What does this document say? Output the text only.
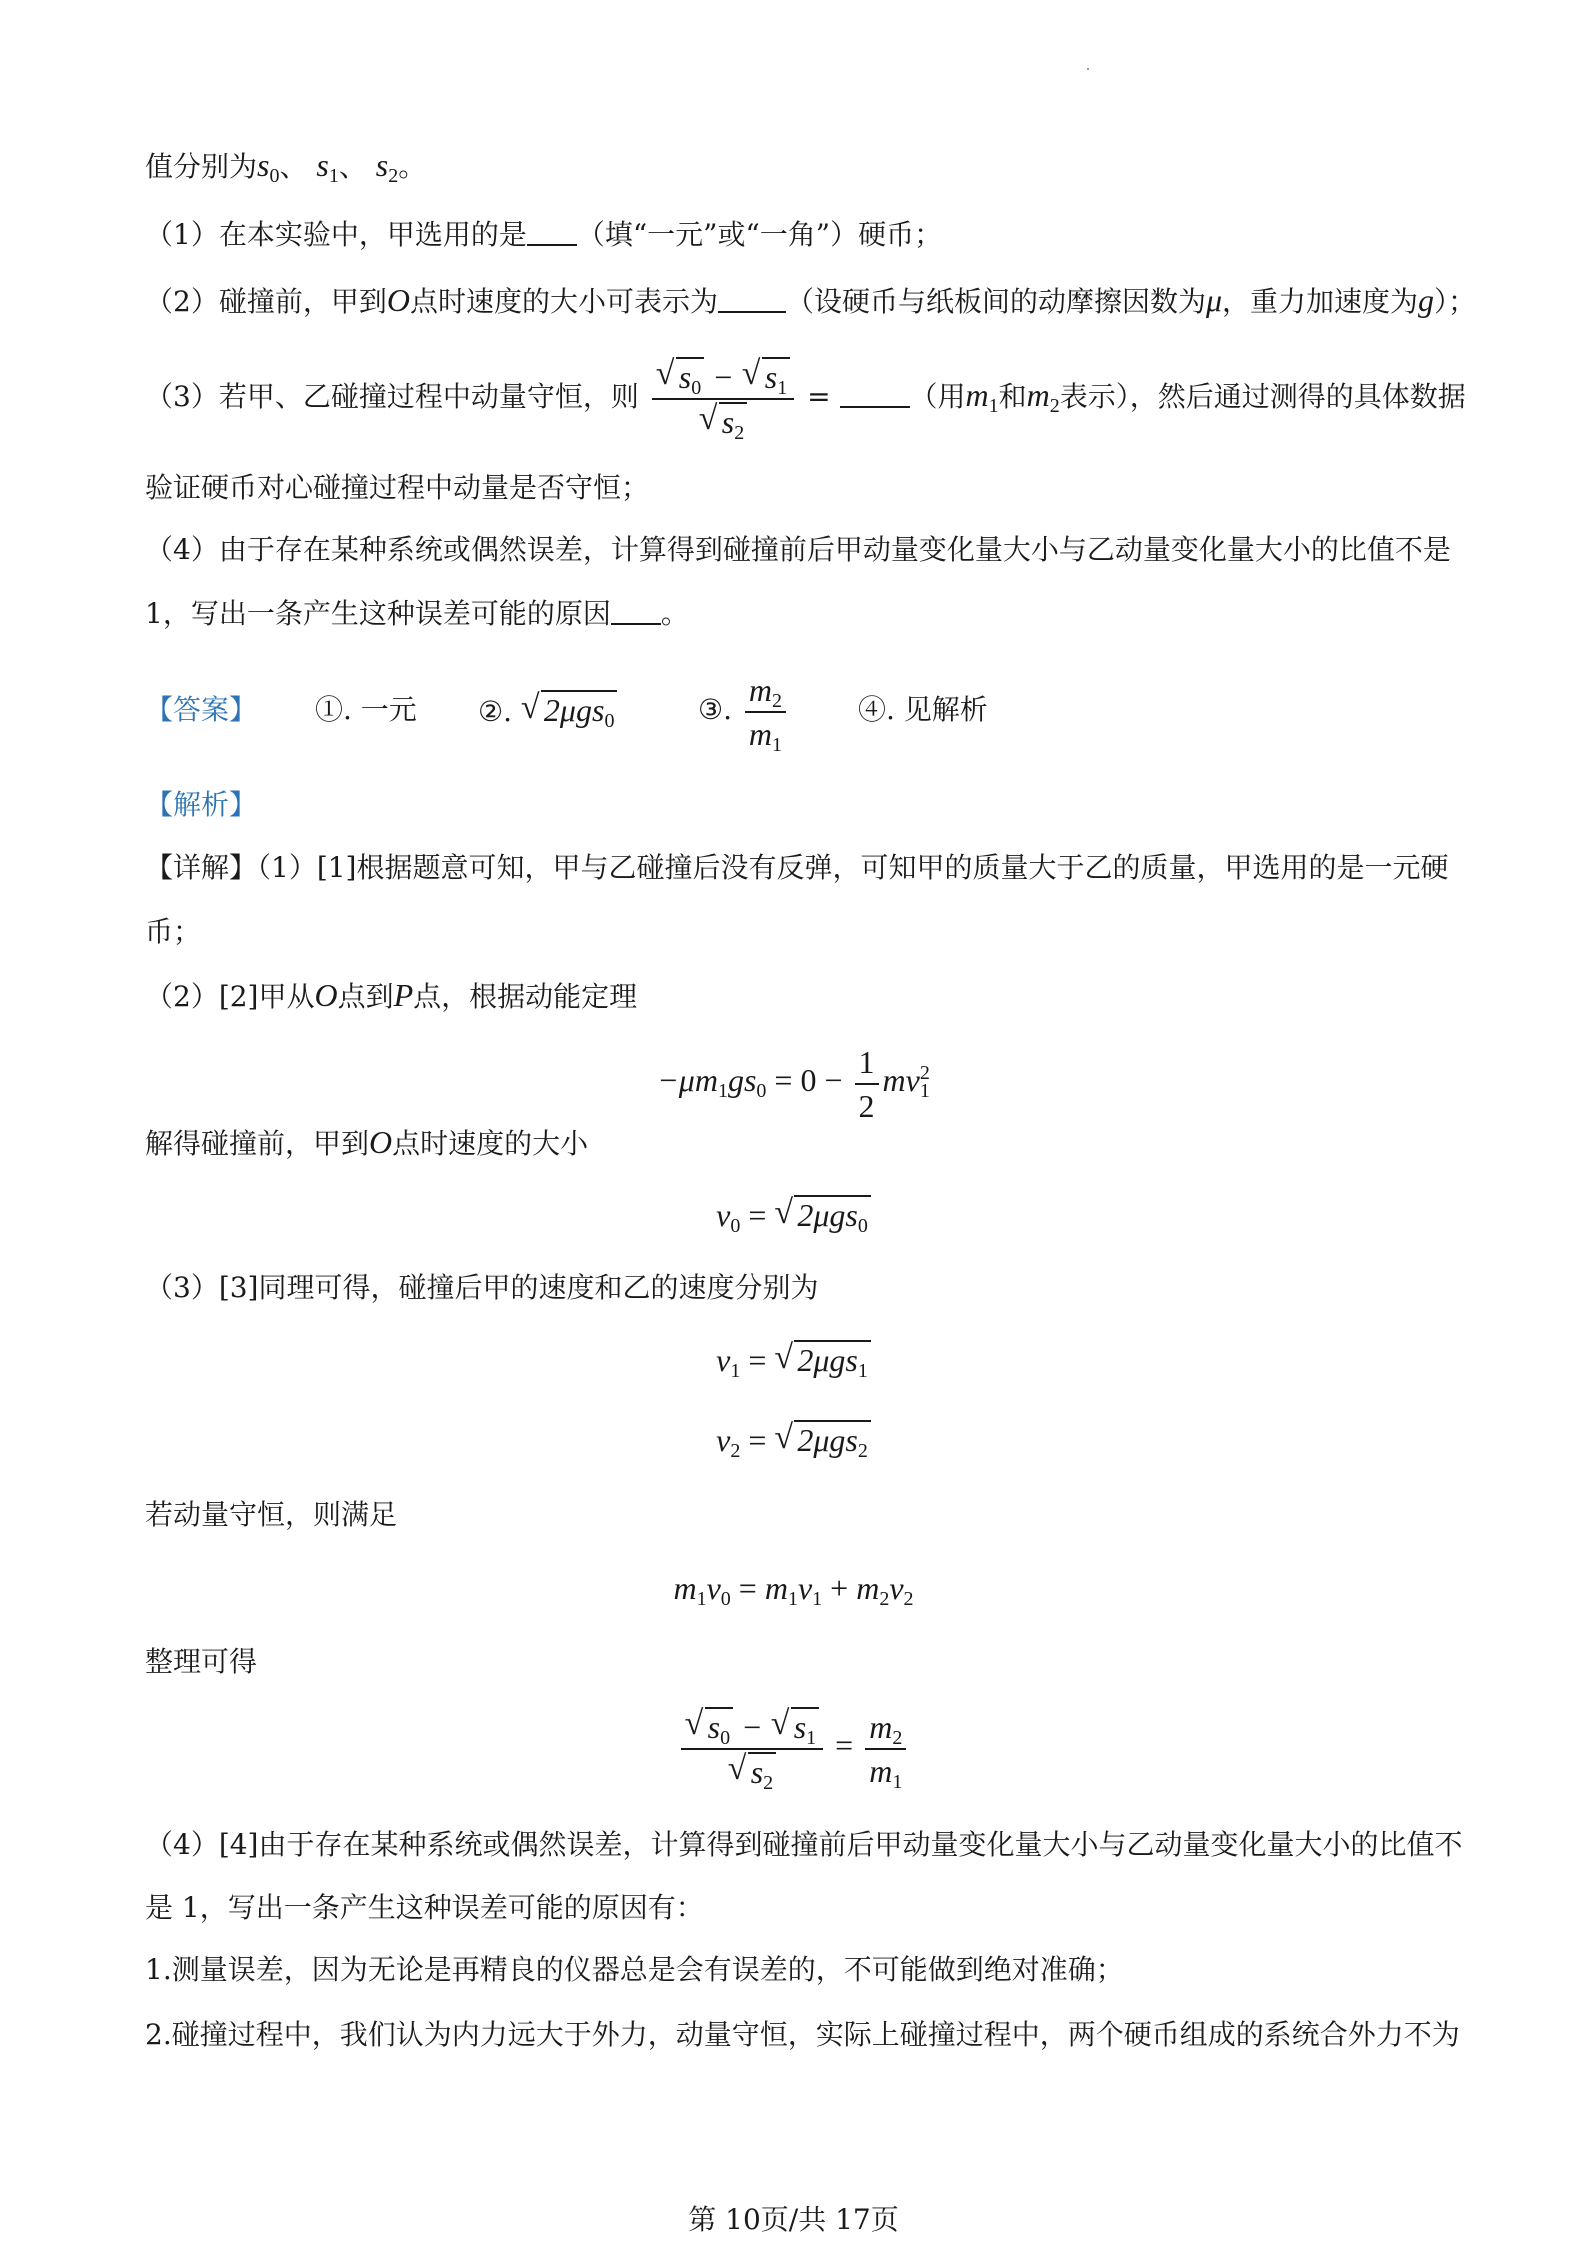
值分别为$s_0$、 $s_1$、 $s_2$。
（1）在本实验中，甲选用的是 （填“一元”或“一角”）硬币；
（2）碰撞前，甲到O点时速度的大小可表示为 （设硬币与纸板间的动摩擦因数为μ，重力加速度为g）；
（3）若甲、乙碰撞过程中动量守恒，则 $\frac{√ s_0 - √ s_1}{√ s_2}$ =	（用$m_1$和$m_2$表示），然后通过测得的具体数据
验证硬币对心碰撞过程中动量是否守恒；
（4）由于存在某种系统或偶然误差，计算得到碰撞前后甲动量变化量大小与乙动量变化量大小的比值不是
1，写出一条产生这种误差可能的原因 。
【答案】 ①. 一元 ②. √ 2μgs$_0$	③. $\frac{m_2}{m_1}$	④. 见解析
【解析】
【详解】（1）[1]根据题意可知，甲与乙碰撞后没有反弹，可知甲的质量大于乙的质量，甲选用的是一元硬
币；
（2）[2]甲从O点到P点，根据动能定理
$-\mu m_1gs_0 = 0 - \frac{1}{2} mv^2_1$
解得碰撞前，甲到O点时速度的大小
$v_0$ = √ 2μgs$_0$
（3）[3]同理可得，碰撞后甲的速度和乙的速度分别为
$v_1$ = √ 2μgs$_1$
$v_2$ = √ 2μgs$_2$
若动量守恒，则满足
$m_1v_0 = m_1v_1 + m_2v_2$
整理可得
$\frac{√ s_0 - √ s_1}{√ s_2} = \frac{m_2}{m_1}$
（4）[4]由于存在某种系统或偶然误差，计算得到碰撞前后甲动量变化量大小与乙动量变化量大小的比值不
是 1，写出一条产生这种误差可能的原因有：
1.测量误差，因为无论是再精良的仪器总是会有误差的，不可能做到绝对准确；
2.碰撞过程中，我们认为内力远大于外力，动量守恒，实际上碰撞过程中，两个硬币组成的系统合外力不为
第 10页/共 17页
